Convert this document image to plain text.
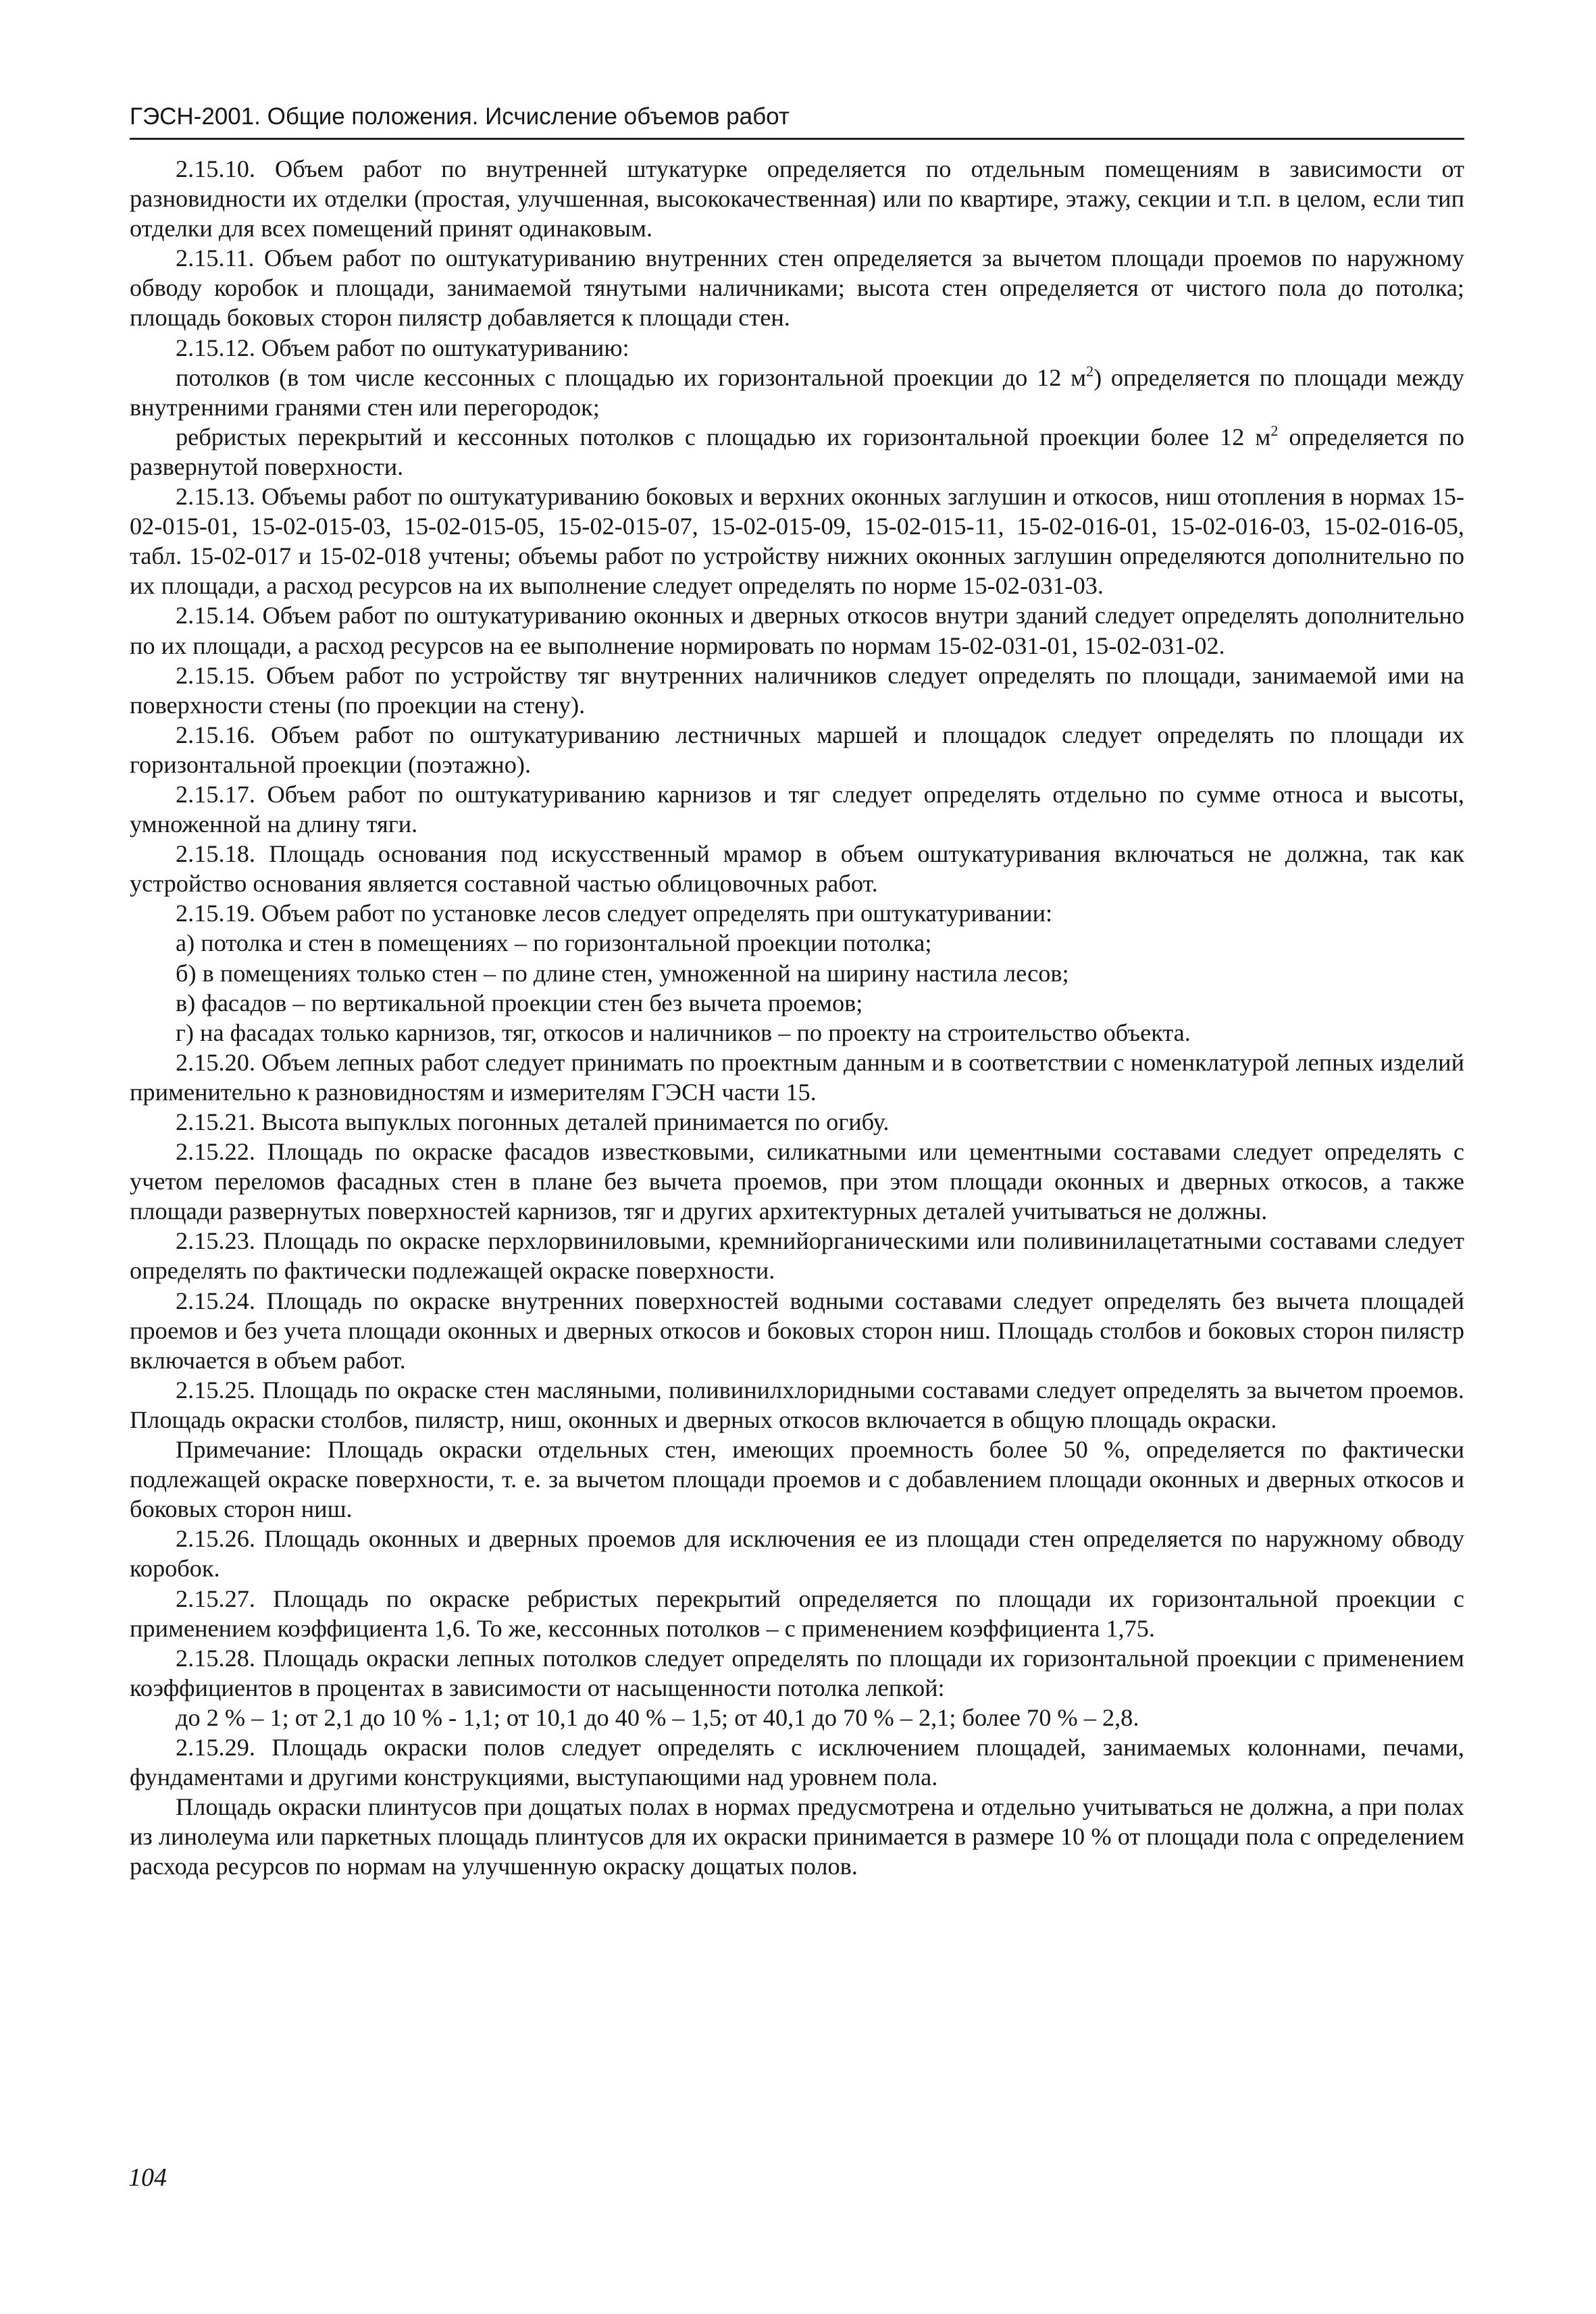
ГЭСН-2001. Общие положения. Исчисление объемов работ

2.15.10. Объем работ по внутренней штукатурке определяется по отдельным помещениям в зависимости от разновидности их отделки (простая, улучшенная, высококачественная) или по квартире, этажу, секции и т.п. в целом, если тип отделки для всех помещений принят одинаковым.

2.15.11. Объем работ по оштукатуриванию внутренних стен определяется за вычетом площади проемов по наружному обводу коробок и площади, занимаемой тянутыми наличниками; высота стен определяется от чистого пола до потолка; площадь боковых сторон пилястр добавляется к площади стен.

2.15.12. Объем работ по оштукатуриванию:

потолков (в том числе кессонных с площадью их горизонтальной проекции до 12 $м^2$) определяется по площади между внутренними гранями стен или перегородок;

ребристых перекрытий и кессонных потолков с площадью их горизонтальной проекции более 12 $м^2$ определяется по развернутой поверхности.

2.15.13. Объемы работ по оштукатуриванию боковых и верхних оконных заглушин и откосов, ниш отопления в нормах 15-02-015-01, 15-02-015-03, 15-02-015-05, 15-02-015-07, 15-02-015-09, 15-02-015-11, 15-02-016-01, 15-02-016-03, 15-02-016-05, табл. 15-02-017 и 15-02-018 учтены; объемы работ по устройству нижних оконных заглушин определяются дополнительно по их площади, а расход ресурсов на их выполнение следует определять по норме 15-02-031-03.

2.15.14. Объем работ по оштукатуриванию оконных и дверных откосов внутри зданий следует определять дополнительно по их площади, а расход ресурсов на ее выполнение нормировать по нормам 15-02-031-01, 15-02-031-02.

2.15.15. Объем работ по устройству тяг внутренних наличников следует определять по площади, занимаемой ими на поверхности стены (по проекции на стену).

2.15.16. Объем работ по оштукатуриванию лестничных маршей и площадок следует определять по площади их горизонтальной проекции (поэтажно).

2.15.17. Объем работ по оштукатуриванию карнизов и тяг следует определять отдельно по сумме относа и высоты, умноженной на длину тяги.

2.15.18. Площадь основания под искусственный мрамор в объем оштукатуривания включаться не должна, так как устройство основания является составной частью облицовочных работ.

2.15.19. Объем работ по установке лесов следует определять при оштукатуривании:

а) потолка и стен в помещениях – по горизонтальной проекции потолка;

б) в помещениях только стен – по длине стен, умноженной на ширину настила лесов;

в) фасадов – по вертикальной проекции стен без вычета проемов;

г) на фасадах только карнизов, тяг, откосов и наличников – по проекту на строительство объекта.

2.15.20. Объем лепных работ следует принимать по проектным данным и в соответствии с номенклатурой лепных изделий применительно к разновидностям и измерителям ГЭСН части 15.

2.15.21. Высота выпуклых погонных деталей принимается по огибу.

2.15.22. Площадь по окраске фасадов известковыми, силикатными или цементными составами следует определять с учетом переломов фасадных стен в плане без вычета проемов, при этом площади оконных и дверных откосов, а также площади развернутых поверхностей карнизов, тяг и других архитектурных деталей учитываться не должны.

2.15.23. Площадь по окраске перхлорвиниловыми, кремнийорганическими или поливинилацетатными составами следует определять по фактически подлежащей окраске поверхности.

2.15.24. Площадь по окраске внутренних поверхностей водными составами следует определять без вычета площадей проемов и без учета площади оконных и дверных откосов и боковых сторон ниш. Площадь столбов и боковых сторон пилястр включается в объем работ.

2.15.25. Площадь по окраске стен масляными, поливинилхлоридными составами следует определять за вычетом проемов. Площадь окраски столбов, пилястр, ниш, оконных и дверных откосов включается в общую площадь окраски.

Примечание: Площадь окраски отдельных стен, имеющих проемность более 50 %, определяется по фактически подлежащей окраске поверхности, т. е. за вычетом площади проемов и с добавлением площади оконных и дверных откосов и боковых сторон ниш.

2.15.26. Площадь оконных и дверных проемов для исключения ее из площади стен определяется по наружному обводу коробок.

2.15.27. Площадь по окраске ребристых перекрытий определяется по площади их горизонтальной проекции с применением коэффициента 1,6. То же, кессонных потолков – с применением коэффициента 1,75.

2.15.28. Площадь окраски лепных потолков следует определять по площади их горизонтальной проекции с применением коэффициентов в процентах в зависимости от насыщенности потолка лепкой:

до 2 % – 1; от 2,1 до 10 % - 1,1; от 10,1 до 40 % – 1,5; от 40,1 до 70 % – 2,1; более 70 % – 2,8.

2.15.29. Площадь окраски полов следует определять с исключением площадей, занимаемых колоннами, печами, фундаментами и другими конструкциями, выступающими над уровнем пола.

Площадь окраски плинтусов при дощатых полах в нормах предусмотрена и отдельно учитываться не должна, а при полах из линолеума или паркетных площадь плинтусов для их окраски принимается в размере 10 % от площади пола с определением расхода ресурсов по нормам на улучшенную окраску дощатых полов.

104
